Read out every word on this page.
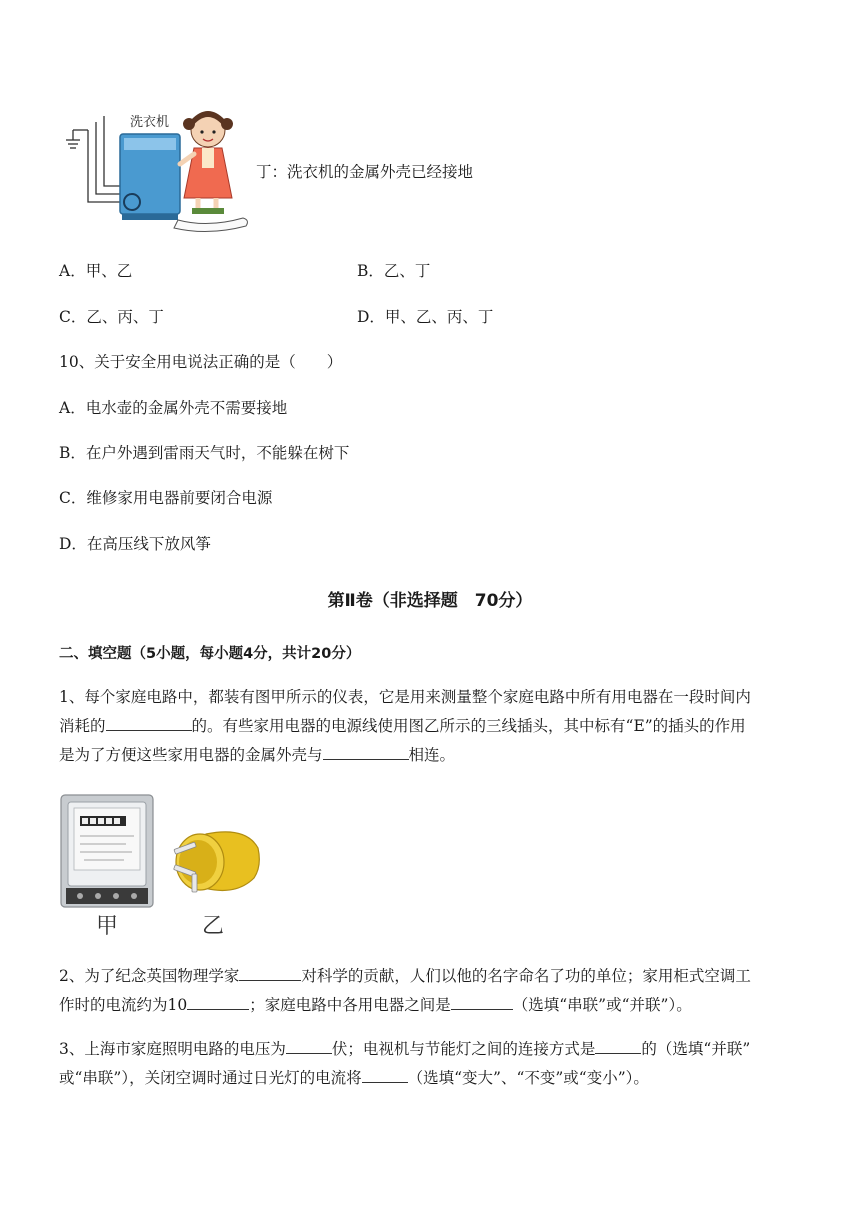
洗衣机
丁：洗衣机的金属外壳已经接地
A．甲、乙	B．乙、丁
C．乙、丙、丁	D．甲、乙、丙、丁
10、关于安全用电说法正确的是（　　）
A．电水壶的金属外壳不需要接地
B．在户外遇到雷雨天气时，不能躲在树下
C．维修家用电器前要闭合电源
D．在高压线下放风筝
第Ⅱ卷（非选择题　70分）
二、填空题（5小题，每小题4分，共计20分）
1、每个家庭电路中，都装有图甲所示的仪表，它是用来测量整个家庭电路中所有用电器在一段时间内
消耗的	的。有些家用电器的电源线使用图乙所示的三线插头，其中标有“E”的插头的作用
是为了方便这些家用电器的金属外壳与	相连。
甲	乙
2、为了纪念英国物理学家	对科学的贡献，人们以他的名字命名了功的单位；家用柜式空调工
作时的电流约为10	；家庭电路中各用电器之间是	（选填“串联”或“并联”）。
3、上海市家庭照明电路的电压为	伏；电视机与节能灯之间的连接方式是	的（选填“并联”
或“串联”），关闭空调时通过日光灯的电流将	（选填“变大”、“不变”或“变小”）。
